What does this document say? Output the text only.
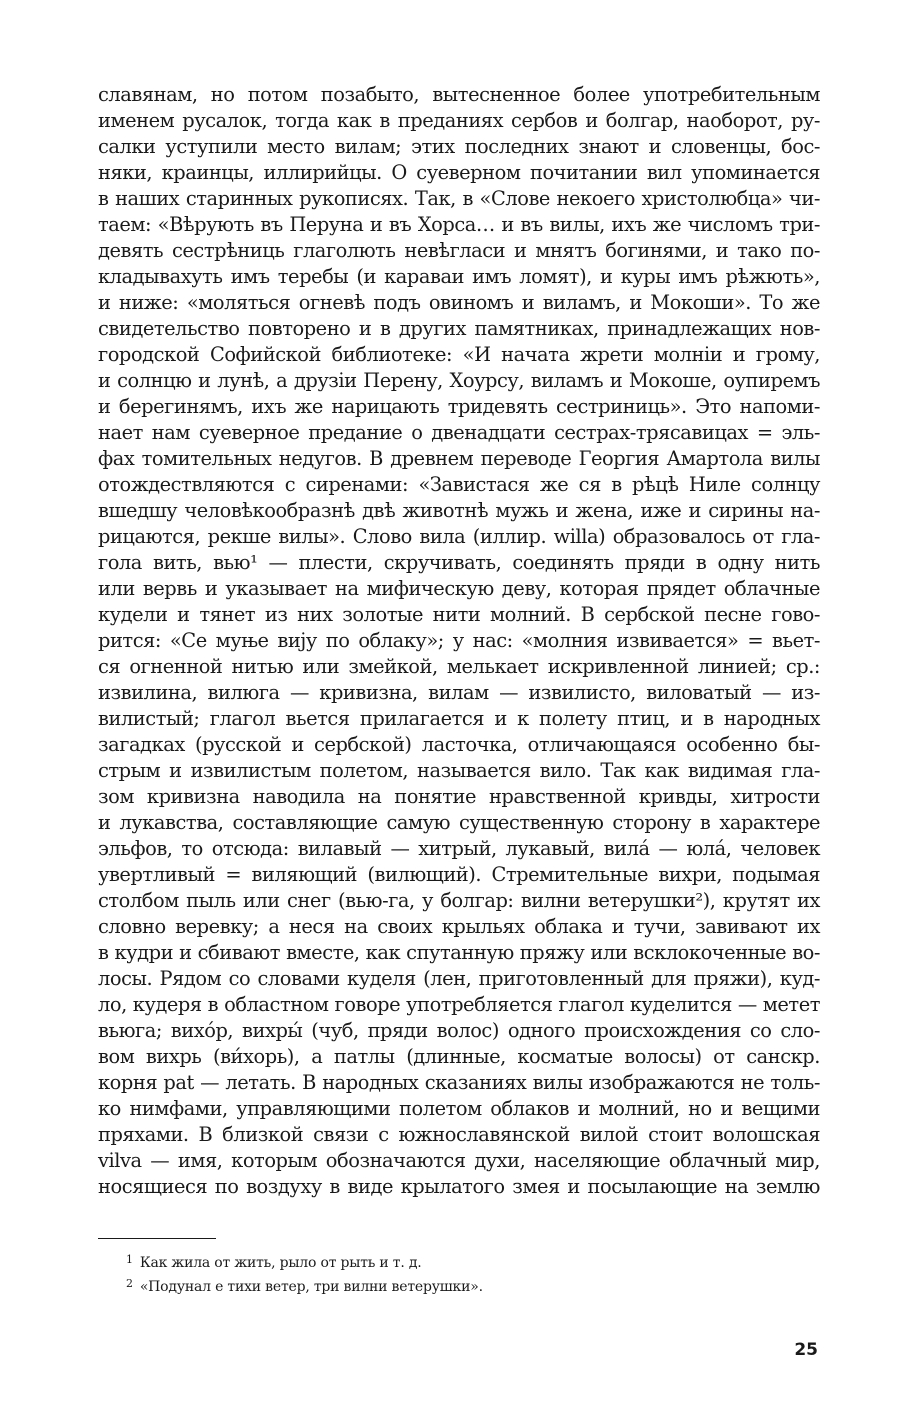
славянам, но потом позабыто, вытесненное более употребительным
именем русалок, тогда как в преданиях сербов и болгар, наоборот, ру-
салки уступили место вилам; этих последних знают и словенцы, бос-
няки, краинцы, иллирийцы. О суеверном почитании вил упоминается
в наших старинных рукописях. Так, в «Слове некоего христолюбца» чи-
таем: «Вѣрують въ Перуна и въ Хорса… и въ вилы, ихъ же числомъ три-
девять сестрѣниць глаголють невѣгласи и мнятъ богинями, и тако по-
кладывахуть имъ теребы (и караваи имъ ломят), и куры имъ рѣжють»,
и ниже: «моляться огневѣ подъ овиномъ и виламъ, и Мокоши». То же
свидетельство повторено и в других памятниках, принадлежащих нов-
городской Софийской библиотеке: «И начата жрети молнiи и грому,
и солнцю и лунѣ, а друзiи Перену, Хоурсу, виламъ и Мокоше, оупиремъ
и берегинямъ, ихъ же нарицають тридевять сестриниць». Это напоми-
нает нам суеверное предание о двенадцати сестрах-трясавицах = эль-
фах томительных недугов. В древнем переводе Георгия Амартола вилы
отождествляются с сиренами: «Завистася же ся в рѣцѣ Ниле солнцу
вшедшу человѣкообразнѣ двѣ животнѣ мужь и жена, иже и сирины на-
рицаются, рекше вилы». Слово вила (иллир. willa) образовалось от гла-
гола вить, вью¹ — плести, скручивать, соединять пряди в одну нить
или вервь и указывает на мифическую деву, которая прядет облачные
кудели и тянет из них золотые нити молний. В сербской песне гово-
рится: «Се муње вију по облаку»; у нас: «молния извивается» = вьет-
ся огненной нитью или змейкой, мелькает искривленной линией; ср.:
извилина, вилюга — кривизна, вилам — извилисто, виловатый — из-
вилистый; глагол вьется прилагается и к полету птиц, и в народных
загадках (русской и сербской) ласточка, отличающаяся особенно бы-
стрым и извилистым полетом, называется вило. Так как видимая гла-
зом кривизна наводила на понятие нравственной кривды, хитрости
и лукавства, составляющие самую существенную сторону в характере
эльфов, то отсюда: вилавый — хитрый, лукавый, вилá — юлá, человек
увертливый = виляющий (вилющий). Стремительные вихри, подымая
столбом пыль или снег (вью-га, у болгар: вилни ветерушки²), крутят их
словно веревку; а неся на своих крыльях облака и тучи, завивают их
в кудри и сбивают вместе, как спутанную пряжу или всклокоченные во-
лосы. Рядом со словами куделя (лен, приготовленный для пряжи), куд-
ло, кудеря в областном говоре употребляется глагол куделится — метет
вьюга; вихóр, вихры́ (чуб, пряди волос) одного происхождения со сло-
вом вихрь (ви́хорь), а патлы (длинные, косматые волосы) от санскр.
корня pat — летать. В народных сказаниях вилы изображаются не толь-
ко нимфами, управляющими полетом облаков и молний, но и вещими
пряхами. В близкой связи с южнославянской вилой стоит волошская
vilva — имя, которым обозначаются духи, населяющие облачный мир,
носящиеся по воздуху в виде крылатого змея и посылающие на землю
$^1$ Как жила от жить, рыло от рыть и т. д.
$^2$ «Подунал е тихи ветер, три вилни ветерушки».
25
